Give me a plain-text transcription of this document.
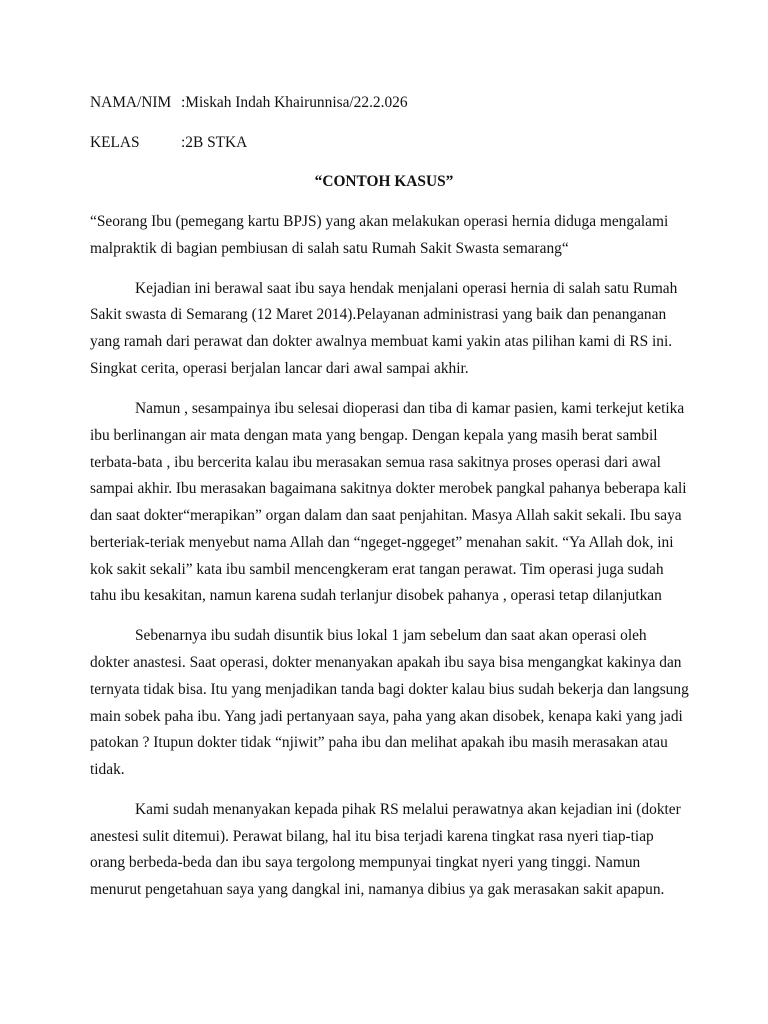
NAMA/NIM :Miskah Indah Khairunnisa/22.2.026
KELAS	:2B STKA
“CONTOH KASUS”
“Seorang Ibu (pemegang kartu BPJS) yang akan melakukan operasi hernia diduga mengalami
malpraktik di bagian pembiusan di salah satu Rumah Sakit Swasta semarang“
Kejadian ini berawal saat ibu saya hendak menjalani operasi hernia di salah satu Rumah
Sakit swasta di Semarang (12 Maret 2014).Pelayanan administrasi yang baik dan penanganan
yang ramah dari perawat dan dokter awalnya membuat kami yakin atas pilihan kami di RS ini.
Singkat cerita, operasi berjalan lancar dari awal sampai akhir.
Namun , sesampainya ibu selesai dioperasi dan tiba di kamar pasien, kami terkejut ketika
ibu berlinangan air mata dengan mata yang bengap. Dengan kepala yang masih berat sambil
terbata-bata , ibu bercerita kalau ibu merasakan semua rasa sakitnya proses operasi dari awal
sampai akhir. Ibu merasakan bagaimana sakitnya dokter merobek pangkal pahanya beberapa kali
dan saat dokter“merapikan” organ dalam dan saat penjahitan. Masya Allah sakit sekali. Ibu saya
berteriak-teriak menyebut nama Allah dan “ngeget-nggeget” menahan sakit. “Ya Allah dok, ini
kok sakit sekali” kata ibu sambil mencengkeram erat tangan perawat. Tim operasi juga sudah
tahu ibu kesakitan, namun karena sudah terlanjur disobek pahanya , operasi tetap dilanjutkan
Sebenarnya ibu sudah disuntik bius lokal 1 jam sebelum dan saat akan operasi oleh
dokter anastesi. Saat operasi, dokter menanyakan apakah ibu saya bisa mengangkat kakinya dan
ternyata tidak bisa. Itu yang menjadikan tanda bagi dokter kalau bius sudah bekerja dan langsung
main sobek paha ibu. Yang jadi pertanyaan saya, paha yang akan disobek, kenapa kaki yang jadi
patokan ? Itupun dokter tidak “njiwit” paha ibu dan melihat apakah ibu masih merasakan atau
tidak.
Kami sudah menanyakan kepada pihak RS melalui perawatnya akan kejadian ini (dokter
anestesi sulit ditemui). Perawat bilang, hal itu bisa terjadi karena tingkat rasa nyeri tiap-tiap
orang berbeda-beda dan ibu saya tergolong mempunyai tingkat nyeri yang tinggi. Namun
menurut pengetahuan saya yang dangkal ini, namanya dibius ya gak merasakan sakit apapun.
